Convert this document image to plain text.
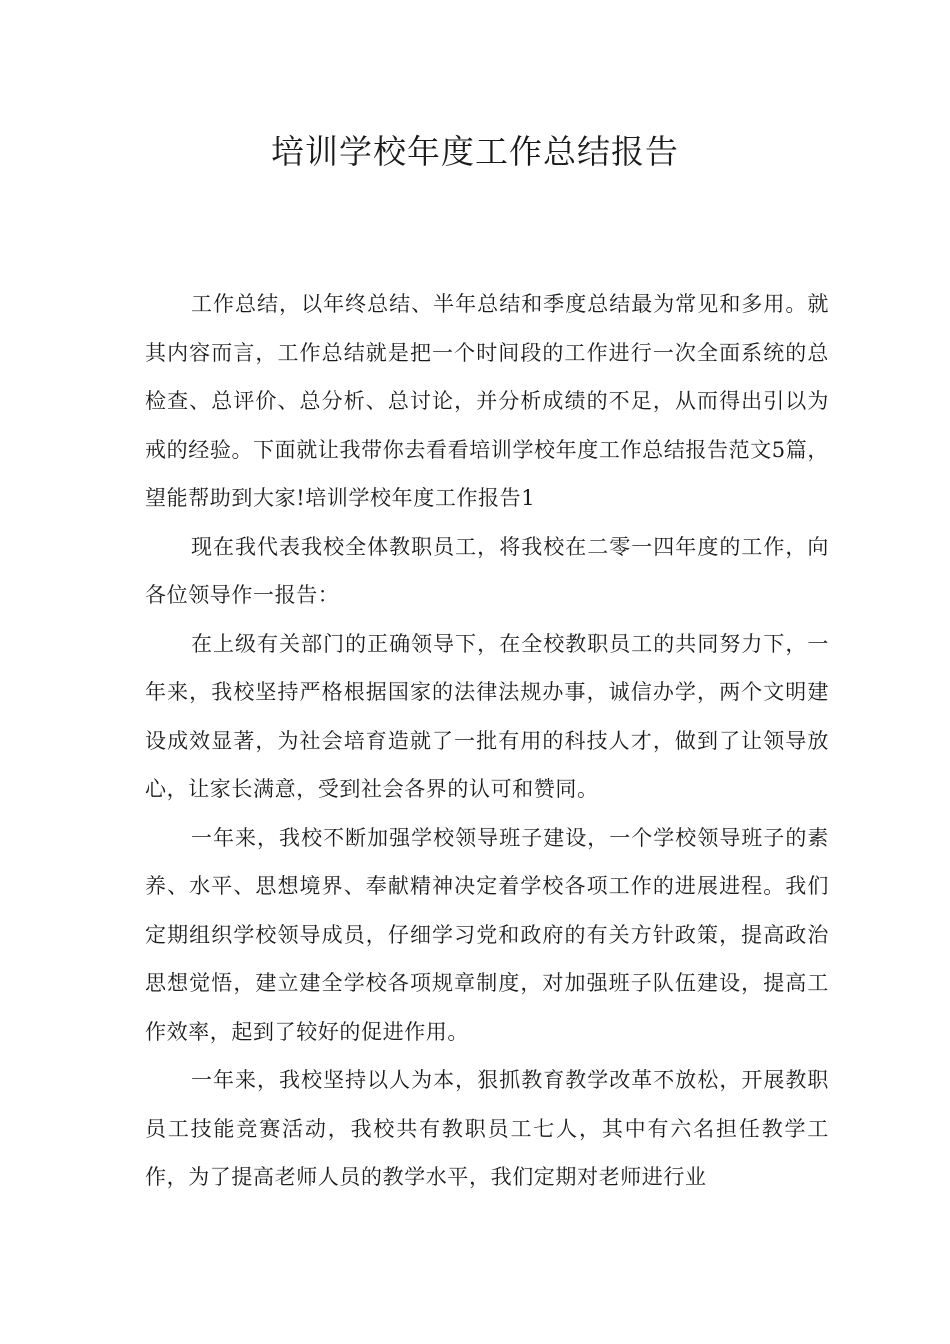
培训学校年度工作总结报告

工作总结，以年终总结、半年总结和季度总结最为常见和多用。就其内容而言，工作总结就是把一个时间段的工作进行一次全面系统的总检查、总评价、总分析、总讨论，并分析成绩的不足，从而得出引以为戒的经验。下面就让我带你去看看培训学校年度工作总结报告范文5篇，望能帮助到大家!培训学校年度工作报告1

现在我代表我校全体教职员工，将我校在二零一四年度的工作，向各位领导作一报告：

在上级有关部门的正确领导下，在全校教职员工的共同努力下，一年来，我校坚持严格根据国家的法律法规办事，诚信办学，两个文明建设成效显著，为社会培育造就了一批有用的科技人才，做到了让领导放心，让家长满意，受到社会各界的认可和赞同。

一年来，我校不断加强学校领导班子建设，一个学校领导班子的素养、水平、思想境界、奉献精神决定着学校各项工作的进展进程。我们定期组织学校领导成员，仔细学习党和政府的有关方针政策，提高政治思想觉悟，建立建全学校各项规章制度，对加强班子队伍建设，提高工作效率，起到了较好的促进作用。

一年来，我校坚持以人为本，狠抓教育教学改革不放松，开展教职员工技能竞赛活动，我校共有教职员工七人，其中有六名担任教学工作，为了提高老师人员的教学水平，我们定期对老师进行业
